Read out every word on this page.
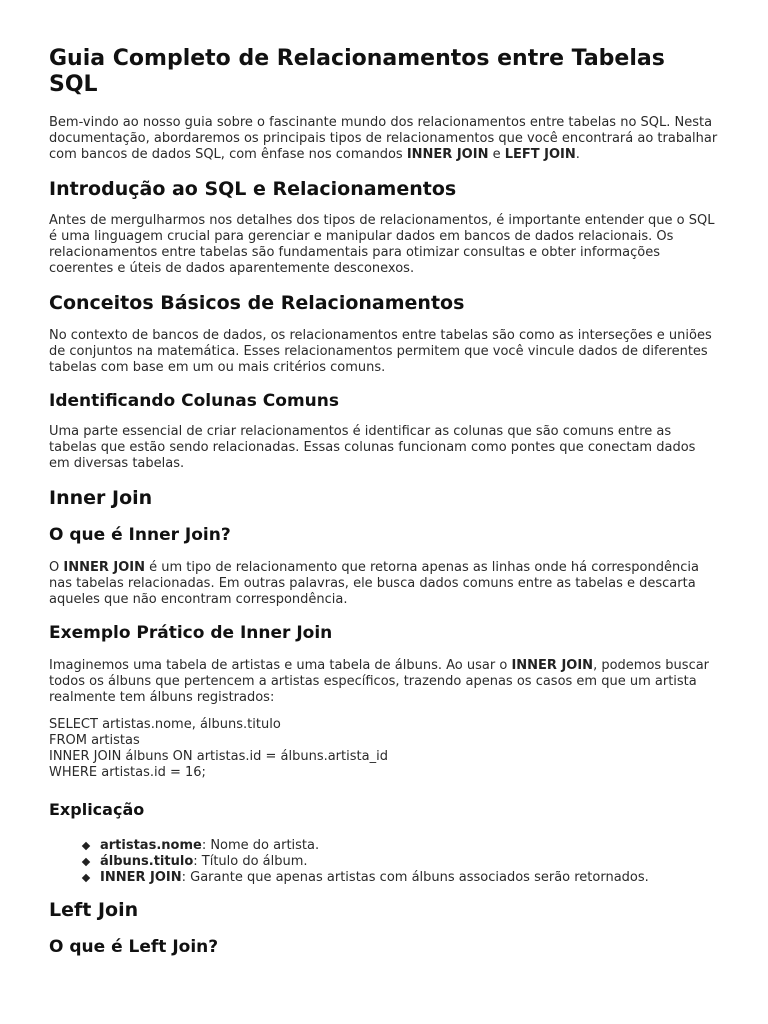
Guia Completo de Relacionamentos entre Tabelas SQL

Bem-vindo ao nosso guia sobre o fascinante mundo dos relacionamentos entre tabelas no SQL. Nesta documentação, abordaremos os principais tipos de relacionamentos que você encontrará ao trabalhar com bancos de dados SQL, com ênfase nos comandos INNER JOIN e LEFT JOIN.

Introdução ao SQL e Relacionamentos

Antes de mergulharmos nos detalhes dos tipos de relacionamentos, é importante entender que o SQL é uma linguagem crucial para gerenciar e manipular dados em bancos de dados relacionais. Os relacionamentos entre tabelas são fundamentais para otimizar consultas e obter informações coerentes e úteis de dados aparentemente desconexos.

Conceitos Básicos de Relacionamentos

No contexto de bancos de dados, os relacionamentos entre tabelas são como as interseções e uniões de conjuntos na matemática. Esses relacionamentos permitem que você vincule dados de diferentes tabelas com base em um ou mais critérios comuns.

Identificando Colunas Comuns

Uma parte essencial de criar relacionamentos é identificar as colunas que são comuns entre as tabelas que estão sendo relacionadas. Essas colunas funcionam como pontes que conectam dados em diversas tabelas.

Inner Join
O que é Inner Join?

O INNER JOIN é um tipo de relacionamento que retorna apenas as linhas onde há correspondência nas tabelas relacionadas. Em outras palavras, ele busca dados comuns entre as tabelas e descarta aqueles que não encontram correspondência.

Exemplo Prático de Inner Join

Imaginemos uma tabela de artistas e uma tabela de álbuns. Ao usar o INNER JOIN, podemos buscar todos os álbuns que pertencem a artistas específicos, trazendo apenas os casos em que um artista realmente tem álbuns registrados:

SELECT artistas.nome, álbuns.titulo
FROM artistas
INNER JOIN álbuns ON artistas.id = álbuns.artista_id
WHERE artistas.id = 16;
Explicação
artistas.nome: Nome do artista.
álbuns.titulo: Título do álbum.
INNER JOIN: Garante que apenas artistas com álbuns associados serão retornados.
Left Join
O que é Left Join?
